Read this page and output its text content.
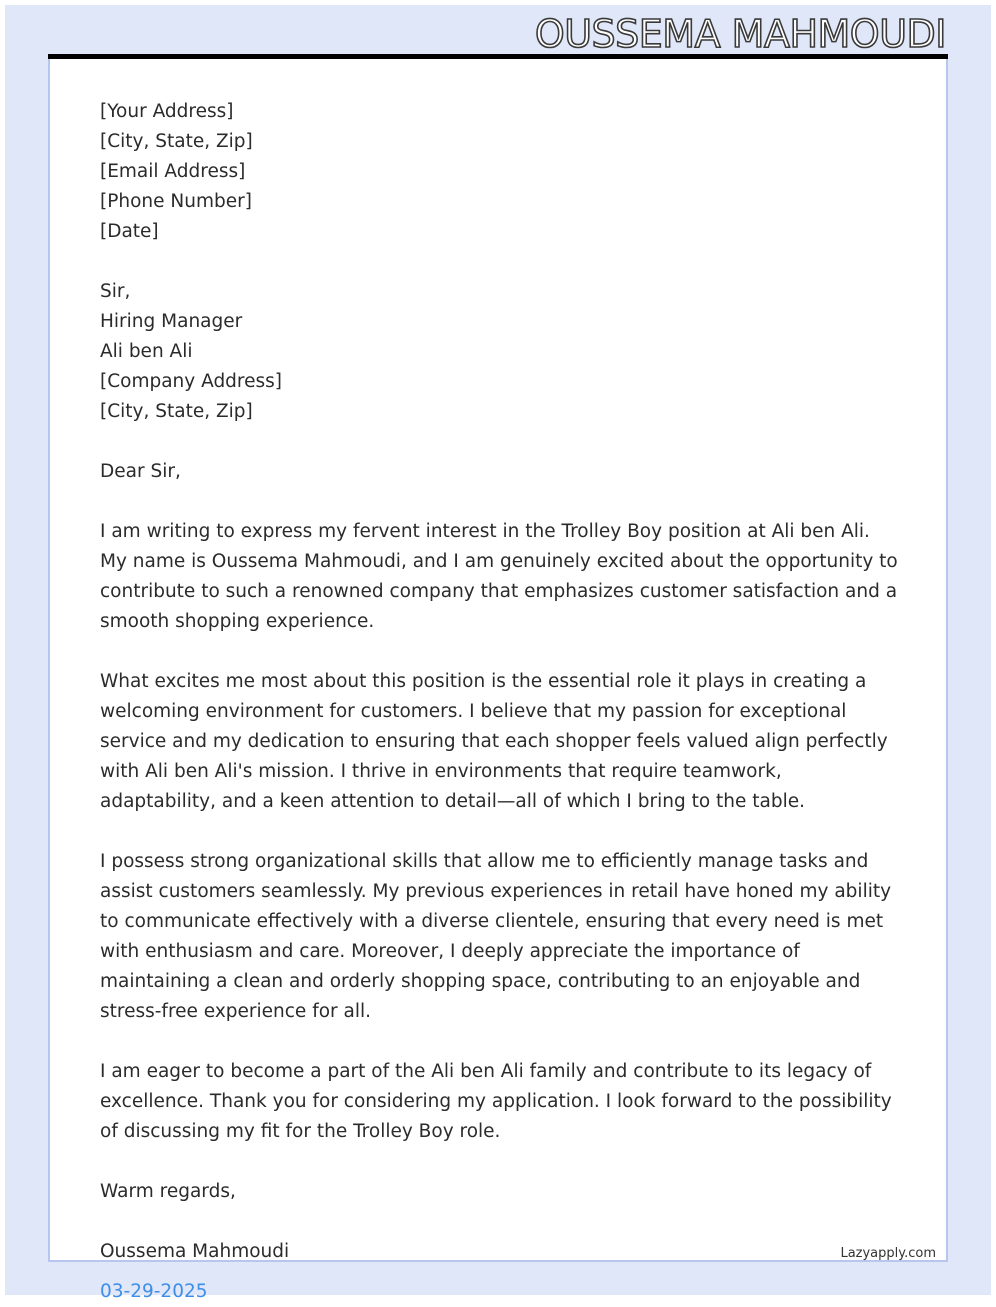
OUSSEMA MAHMOUDI
[Your Address]
[City, State, Zip]
[Email Address]
[Phone Number]
[Date]
Sir,
Hiring Manager
Ali ben Ali
[Company Address]
[City, State, Zip]
Dear Sir,

I am writing to express my fervent interest in the Trolley Boy position at Ali ben Ali. My name is Oussema Mahmoudi, and I am genuinely excited about the opportunity to contribute to such a renowned company that emphasizes customer satisfaction and a smooth shopping experience.

What excites me most about this position is the essential role it plays in creating a welcoming environment for customers. I believe that my passion for exceptional service and my dedication to ensuring that each shopper feels valued align perfectly with Ali ben Ali's mission. I thrive in environments that require teamwork, adaptability, and a keen attention to detail—all of which I bring to the table.

I possess strong organizational skills that allow me to efficiently manage tasks and assist customers seamlessly. My previous experiences in retail have honed my ability to communicate effectively with a diverse clientele, ensuring that every need is met with enthusiasm and care. Moreover, I deeply appreciate the importance of maintaining a clean and orderly shopping space, contributing to an enjoyable and stress-free experience for all.

I am eager to become a part of the Ali ben Ali family and contribute to its legacy of excellence. Thank you for considering my application. I look forward to the possibility of discussing my fit for the Trolley Boy role.

Warm regards,
Oussema Mahmoudi
03-29-2025
Lazyapply.com
